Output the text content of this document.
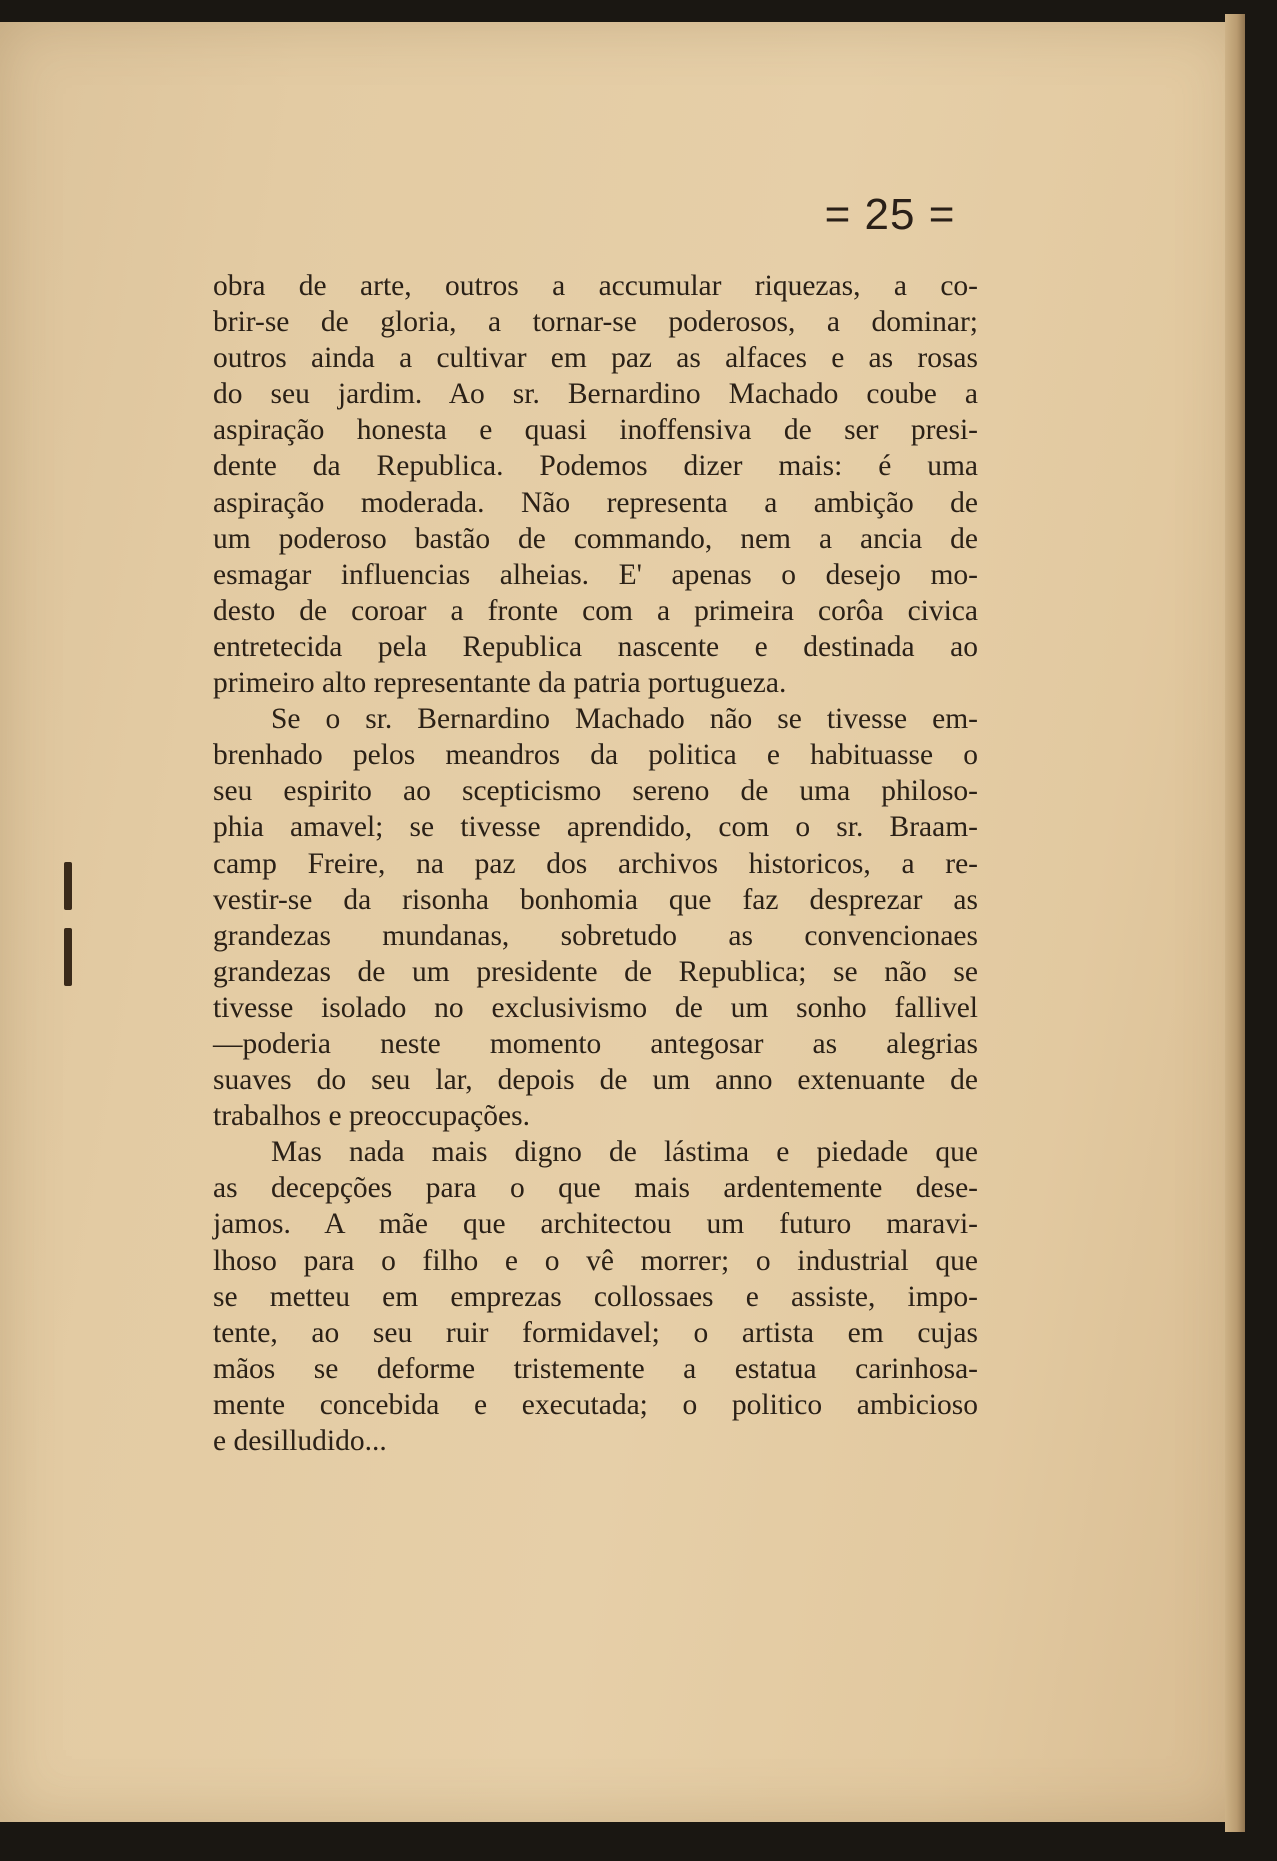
= 25 =
obra de arte, outros a accumular riquezas, a co-
brir-se de gloria, a tornar-se poderosos, a dominar;
outros ainda a cultivar em paz as alfaces e as rosas
do seu jardim. Ao sr. Bernardino Machado coube a
aspiração honesta e quasi inoffensiva de ser presi-
dente da Republica. Podemos dizer mais: é uma
aspiração moderada. Não representa a ambição de
um poderoso bastão de commando, nem a ancia de
esmagar influencias alheias. E' apenas o desejo mo-
desto de coroar a fronte com a primeira corôa civica
entretecida pela Republica nascente e destinada ao
primeiro alto representante da patria portugueza.
Se o sr. Bernardino Machado não se tivesse em-
brenhado pelos meandros da politica e habituasse o
seu espirito ao scepticismo sereno de uma philoso-
phia amavel; se tivesse aprendido, com o sr. Braam-
camp Freire, na paz dos archivos historicos, a re-
vestir-se da risonha bonhomia que faz desprezar as
grandezas mundanas, sobretudo as convencionaes
grandezas de um presidente de Republica; se não se
tivesse isolado no exclusivismo de um sonho fallivel
—poderia neste momento antegosar as alegrias
suaves do seu lar, depois de um anno extenuante de
trabalhos e preoccupações.
Mas nada mais digno de lástima e piedade que
as decepções para o que mais ardentemente dese-
jamos. A mãe que architectou um futuro maravi-
lhoso para o filho e o vê morrer; o industrial que
se metteu em emprezas collossaes e assiste, impo-
tente, ao seu ruir formidavel; o artista em cujas
mãos se deforme tristemente a estatua carinhosa-
mente concebida e executada; o politico ambicioso
e desilludido...
